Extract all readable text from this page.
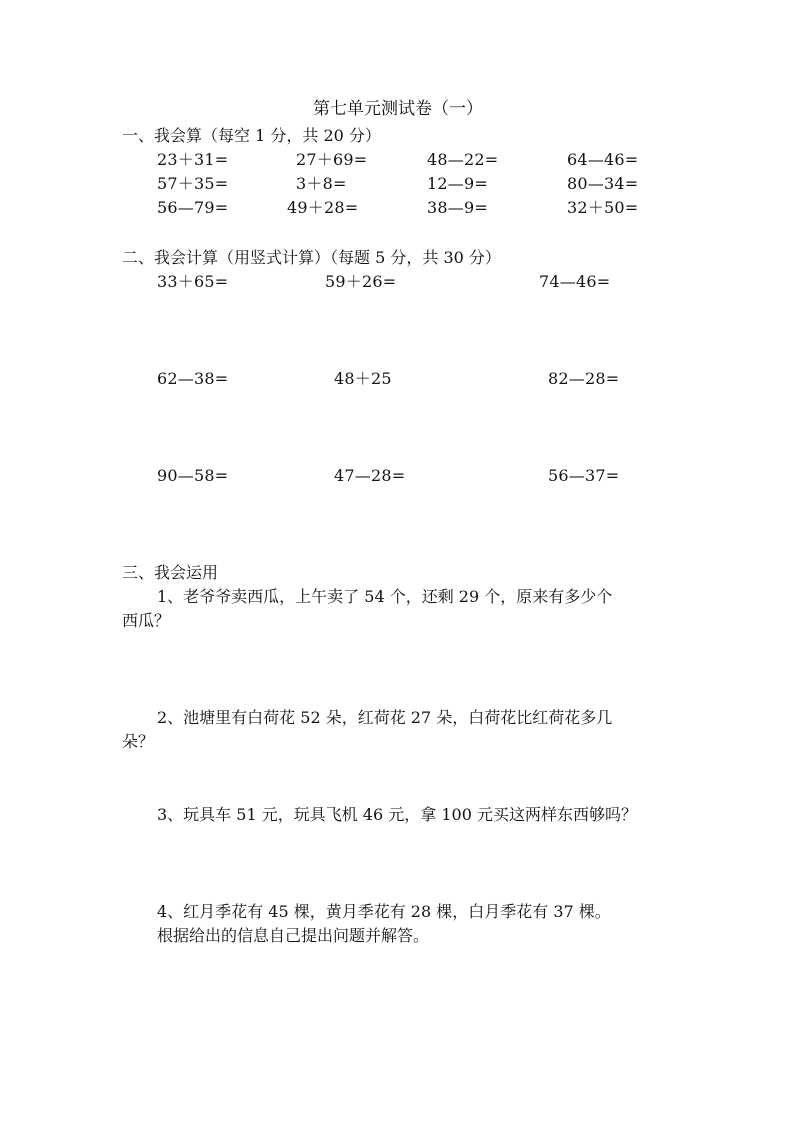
第七单元测试卷（一）
一、我会算（每空 1 分，共 20 分）
23＋31=	27＋69=	48—22=	64—46=
57＋35=	3＋8=	12—9=	80—34=
56—79=	49＋28=	38—9=	32＋50=
二、我会计算（用竖式计算）（每题 5 分，共 30 分）
33＋65=	59＋26=	74—46=
62—38=	48＋25	82—28=
90—58=	47—28=	56—37=
三、我会运用
1、老爷爷卖西瓜，上午卖了 54 个，还剩 29 个，原来有多少个
西瓜？
2、池塘里有白荷花 52 朵，红荷花 27 朵，白荷花比红荷花多几
朵？
3、玩具车 51 元，玩具飞机 46 元，拿 100 元买这两样东西够吗？
4、红月季花有 45 棵，黄月季花有 28 棵，白月季花有 37 棵。
根据给出的信息自己提出问题并解答。
